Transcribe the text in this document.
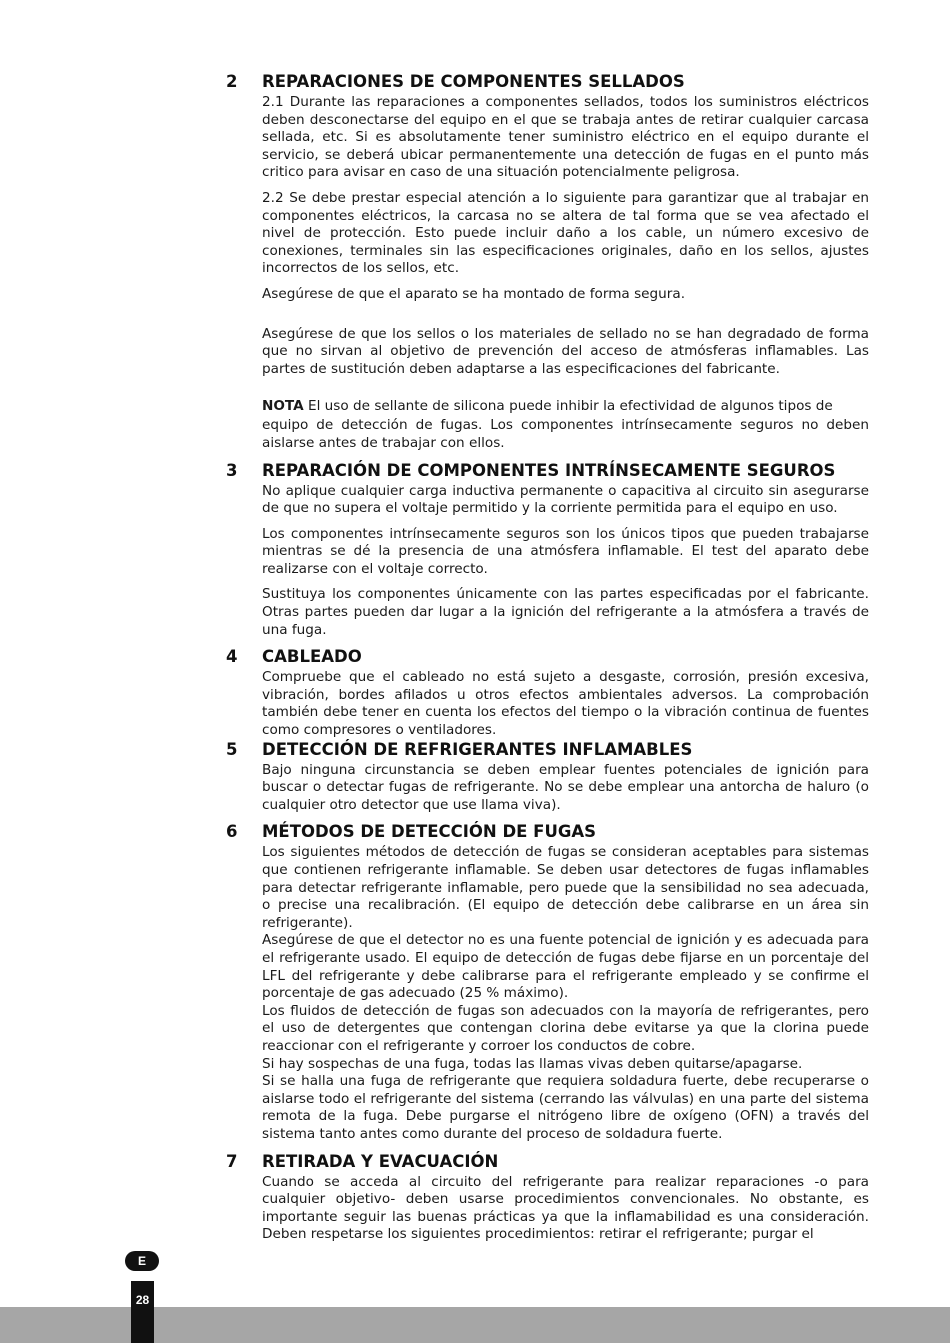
2 REPARACIONES DE COMPONENTES SELLADOS

2.1 Durante las reparaciones a componentes sellados, todos los suministros eléctricos deben desconectarse del equipo en el que se trabaja antes de retirar cualquier carcasa sellada, etc. Si es absolutamente tener suministro eléctrico en el equipo durante el servicio, se deberá ubicar permanentemente una detección de fugas en el punto más critico para avisar en caso de una situación potencialmente peligrosa.

2.2 Se debe prestar especial atención a lo siguiente para garantizar que al trabajar en componentes eléctricos, la carcasa no se altera de tal forma que se vea afectado el nivel de protección. Esto puede incluir daño a los cable, un número excesivo de conexiones, terminales sin las especificaciones originales, daño en los sellos, ajustes incorrectos de los sellos, etc.

Asegúrese de que el aparato se ha montado de forma segura.

Asegúrese de que los sellos o los materiales de sellado no se han degradado de forma que no sirvan al objetivo de prevención del acceso de atmósferas inflamables. Las partes de sustitución deben adaptarse a las especificaciones del fabricante.

NOTA El uso de sellante de silicona puede inhibir la efectividad de algunos tipos de

equipo de detección de fugas. Los componentes intrínsecamente seguros no deben aislarse antes de trabajar con ellos.

3 REPARACIÓN DE COMPONENTES INTRÍNSECAMENTE SEGUROS

No aplique cualquier carga inductiva permanente o capacitiva al circuito sin asegurarse de que no supera el voltaje permitido y la corriente permitida para el equipo en uso.

Los componentes intrínsecamente seguros son los únicos tipos que pueden trabajarse mientras se dé la presencia de una atmósfera inflamable. El test del aparato debe realizarse con el voltaje correcto.

Sustituya los componentes únicamente con las partes especificadas por el fabricante. Otras partes pueden dar lugar a la ignición del refrigerante a la atmósfera a través de una fuga.

4 CABLEADO

Compruebe que el cableado no está sujeto a desgaste, corrosión, presión excesiva, vibración, bordes afilados u otros efectos ambientales adversos. La comprobación también debe tener en cuenta los efectos del tiempo o la vibración continua de fuentes como compresores o ventiladores.

5 DETECCIÓN DE REFRIGERANTES INFLAMABLES

Bajo ninguna circunstancia se deben emplear fuentes potenciales de ignición para buscar o detectar fugas de refrigerante. No se debe emplear una antorcha de haluro (o cualquier otro detector que use llama viva).

6 MÉTODOS DE DETECCIÓN DE FUGAS

Los siguientes métodos de detección de fugas se consideran aceptables para sistemas que contienen refrigerante inflamable. Se deben usar detectores de fugas inflamables para detectar refrigerante inflamable, pero puede que la sensibilidad no sea adecuada, o precise una recalibración. (El equipo de detección debe calibrarse en un área sin refrigerante).

Asegúrese de que el detector no es una fuente potencial de ignición y es adecuada para el refrigerante usado. El equipo de detección de fugas debe fijarse en un porcentaje del LFL del refrigerante y debe calibrarse para el refrigerante empleado y se confirme el porcentaje de gas adecuado (25 % máximo).

Los fluidos de detección de fugas son adecuados con la mayoría de refrigerantes, pero el uso de detergentes que contengan clorina debe evitarse ya que la clorina puede reaccionar con el refrigerante y corroer los conductos de cobre.

Si hay sospechas de una fuga, todas las llamas vivas deben quitarse/apagarse.

Si se halla una fuga de refrigerante que requiera soldadura fuerte, debe recuperarse o aislarse todo el refrigerante del sistema (cerrando las válvulas) en una parte del sistema remota de la fuga. Debe purgarse el nitrógeno libre de oxígeno (OFN) a través del sistema tanto antes como durante del proceso de soldadura fuerte.

7 RETIRADA Y EVACUACIÓN

Cuando se acceda al circuito del refrigerante para realizar reparaciones -o para cualquier objetivo- deben usarse procedimientos convencionales. No obstante, es importante seguir las buenas prácticas ya que la inflamabilidad es una consideración. Deben respetarse los siguientes procedimientos: retirar el refrigerante; purgar el

E
28
